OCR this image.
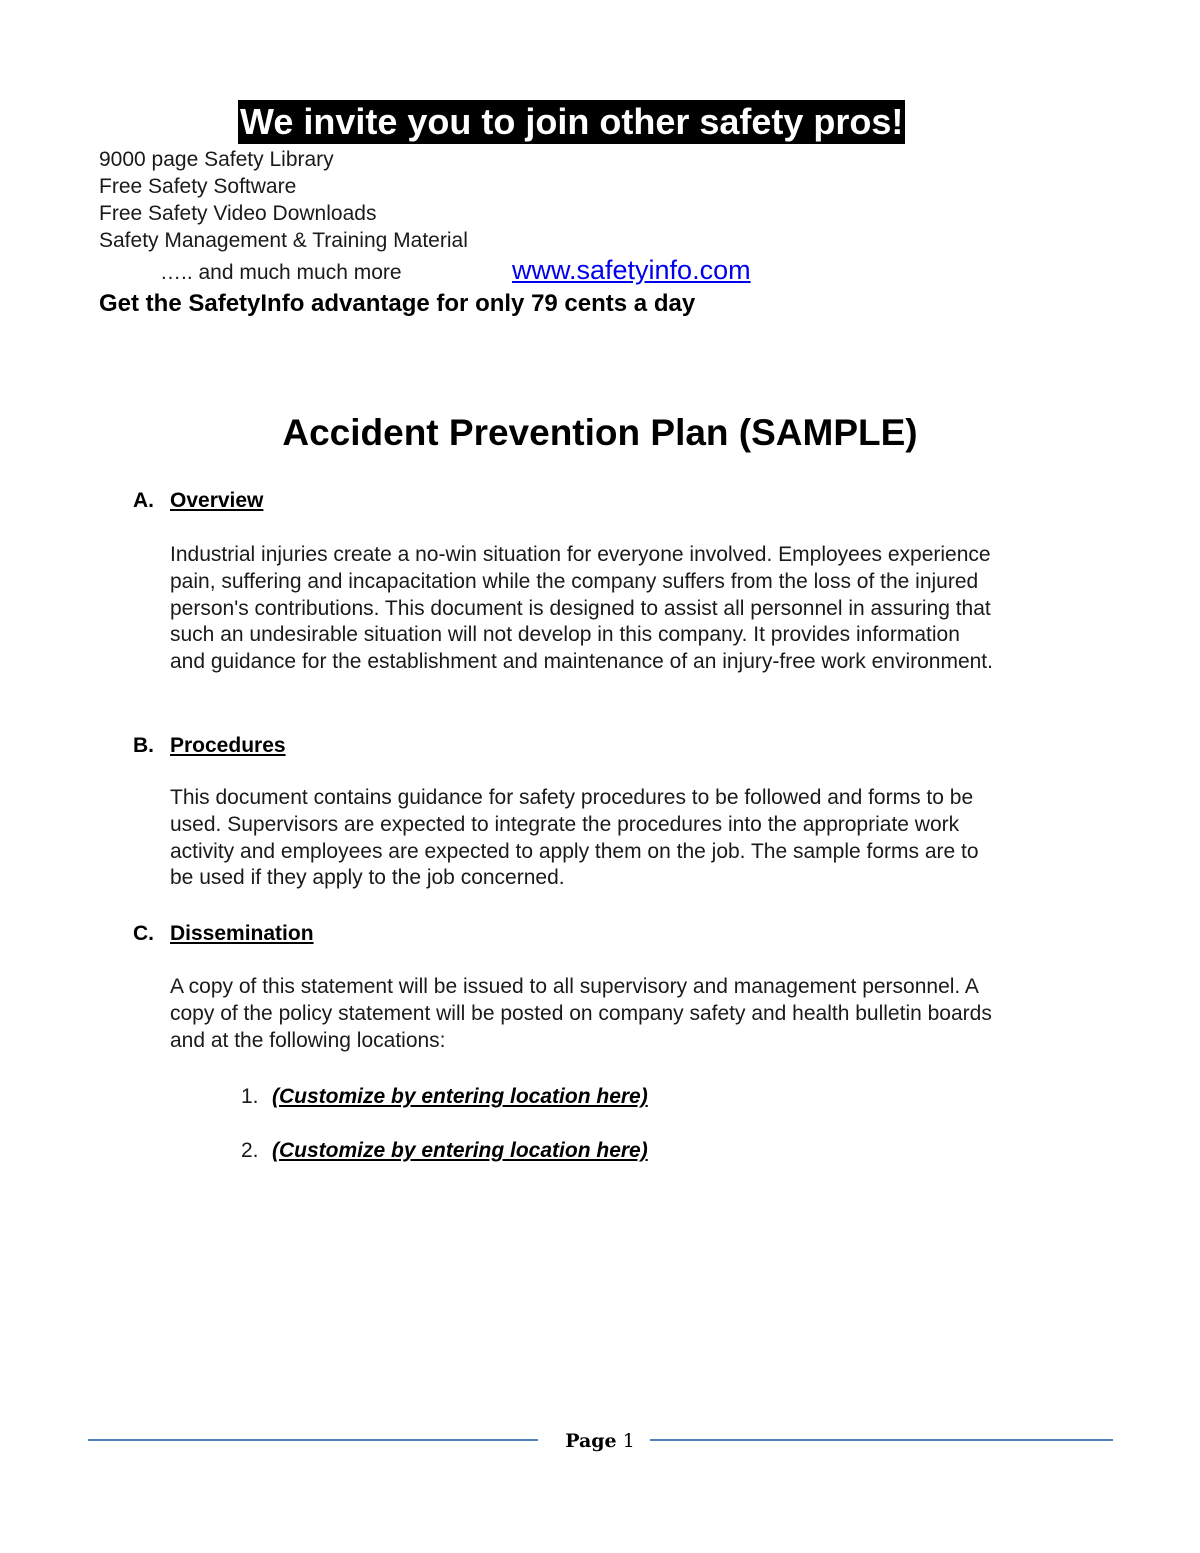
We invite you to join other safety pros!
9000 page Safety Library
Free Safety Software
Free Safety Video Downloads
Safety Management & Training Material
….. and much much more	www.safetyinfo.com
Get the SafetyInfo advantage for only 79 cents a day
Accident Prevention Plan (SAMPLE)
A. Overview
Industrial injuries create a no-win situation for everyone involved. Employees experience
pain, suffering and incapacitation while the company suffers from the loss of the injured
person's contributions. This document is designed to assist all personnel in assuring that
such an undesirable situation will not develop in this company. It provides information
and guidance for the establishment and maintenance of an injury-free work environment.
B. Procedures
This document contains guidance for safety procedures to be followed and forms to be
used. Supervisors are expected to integrate the procedures into the appropriate work
activity and employees are expected to apply them on the job. The sample forms are to
be used if they apply to the job concerned.
C. Dissemination
A copy of this statement will be issued to all supervisory and management personnel. A
copy of the policy statement will be posted on company safety and health bulletin boards
and at the following locations:
1. (Customize by entering location here)
2. (Customize by entering location here)
Page 1
